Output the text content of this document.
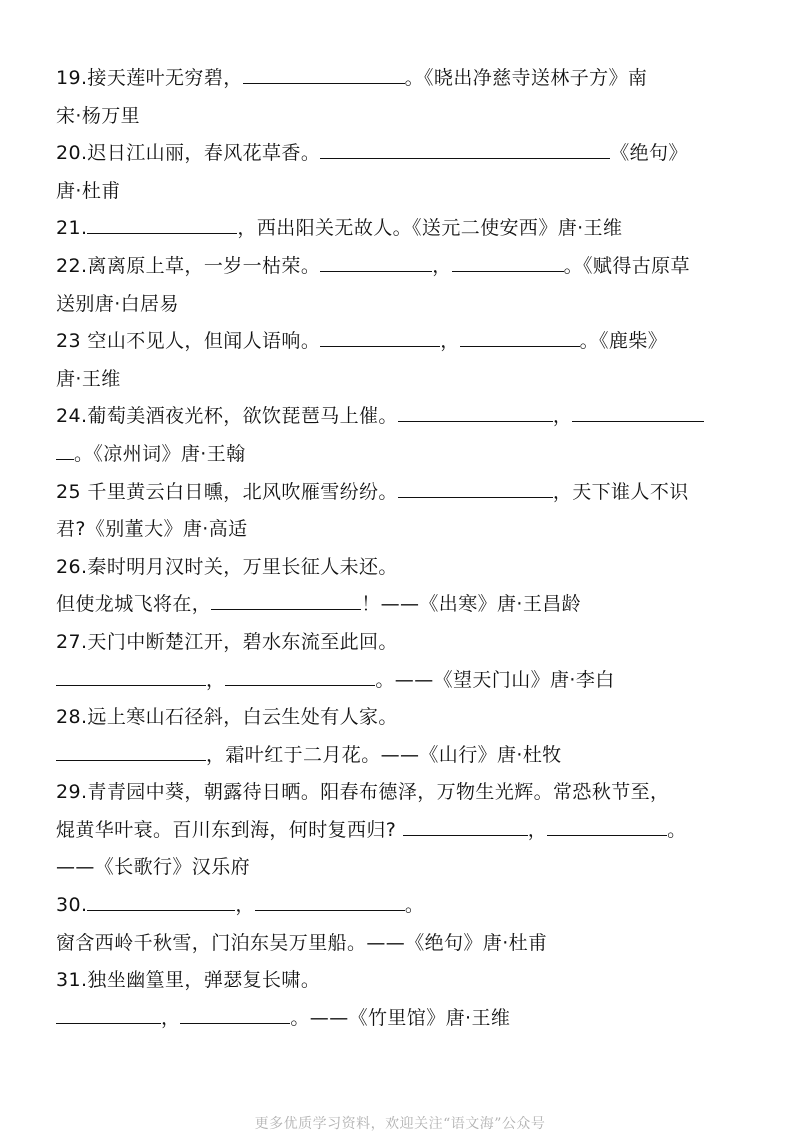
19.接天莲叶无穷碧，	。《晓出净慈寺送林子方》南
宋·杨万里
20.迟日江山丽，春风花草香。	《绝句》
唐·杜甫
21.	，西出阳关无故人。《送元二使安西》唐·王维
22.离离原上草，一岁一枯荣。	，	。《赋得古原草
送别唐·白居易
23 空山不见人，但闻人语响。	，	。《鹿柴》
唐·王维
24.葡萄美酒夜光杯，欲饮琵琶马上催。	，
。《凉州词》唐·王翰
25 千里黄云白日曛，北风吹雁雪纷纷。	，天下谁人不识
君?《别董大》唐·高适
26.秦时明月汉时关，万里长征人未还。
但使龙城飞将在，	！——《出寒》唐·王昌龄
27.天门中断楚江开，碧水东流至此回。
，	。——《望天门山》唐·李白
28.远上寒山石径斜，白云生处有人家。
，霜叶红于二月花。——《山行》唐·杜牧
29.青青园中葵，朝露待日晒。阳春布德泽，万物生光辉。常恐秋节至，
焜黄华叶衰。百川东到海，何时复西归?	，	。
——《长歌行》汉乐府
30.	，	。
窗含西岭千秋雪，门泊东吴万里船。——《绝句》唐·杜甫
31.独坐幽篁里，弹瑟复长啸。
，	。——《竹里馆》唐·王维
更多优质学习资料，欢迎关注“语文海”公众号
